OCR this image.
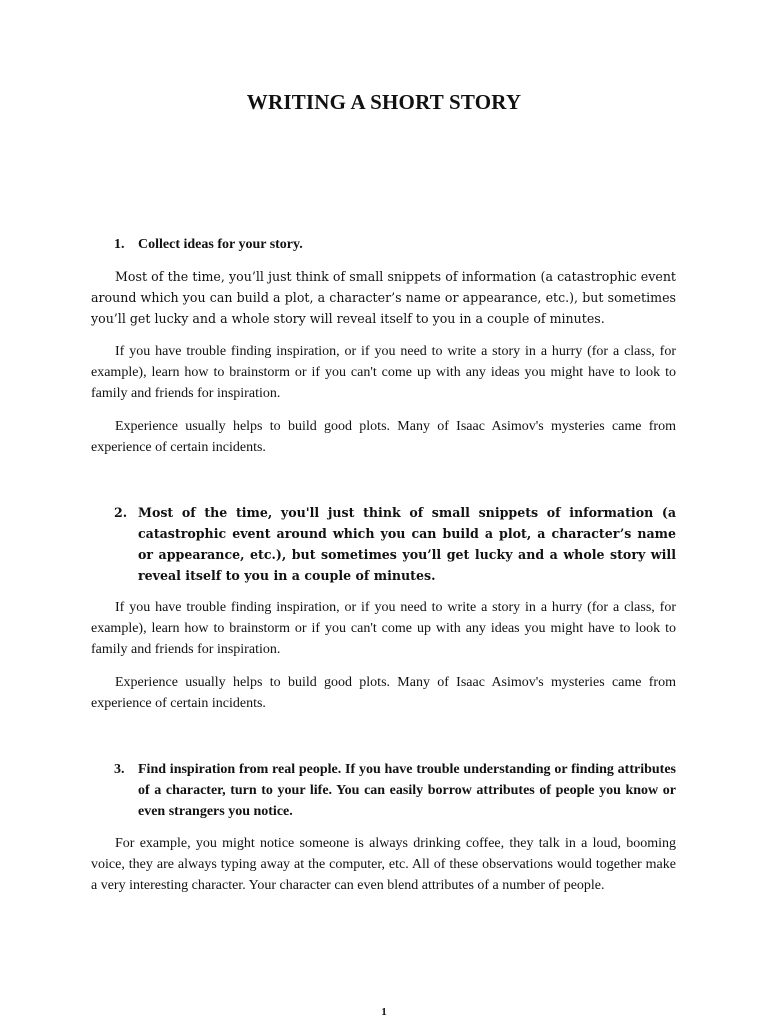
WRITING A SHORT STORY
1. Collect ideas for your story.

Most of the time, you’ll just think of small snippets of information (a catastrophic event around which you can build a plot, a character’s name or appearance, etc.), but sometimes you’ll get lucky and a whole story will reveal itself to you in a couple of minutes.

If you have trouble finding inspiration, or if you need to write a story in a hurry (for a class, for example), learn how to brainstorm or if you can't come up with any ideas you might have to look to family and friends for inspiration.

Experience usually helps to build good plots. Many of Isaac Asimov's mysteries came from experience of certain incidents.

2. Most of the time, you'll just think of small snippets of information (a catastrophic event around which you can build a plot, a character’s name or appearance, etc.), but sometimes you’ll get lucky and a whole story will reveal itself to you in a couple of minutes.

If you have trouble finding inspiration, or if you need to write a story in a hurry (for a class, for example), learn how to brainstorm or if you can't come up with any ideas you might have to look to family and friends for inspiration.

Experience usually helps to build good plots. Many of Isaac Asimov's mysteries came from experience of certain incidents.

3. Find inspiration from real people. If you have trouble understanding or finding attributes of a character, turn to your life. You can easily borrow attributes of people you know or even strangers you notice.

For example, you might notice someone is always drinking coffee, they talk in a loud, booming voice, they are always typing away at the computer, etc. All of these observations would together make a very interesting character. Your character can even blend attributes of a number of people.

1
